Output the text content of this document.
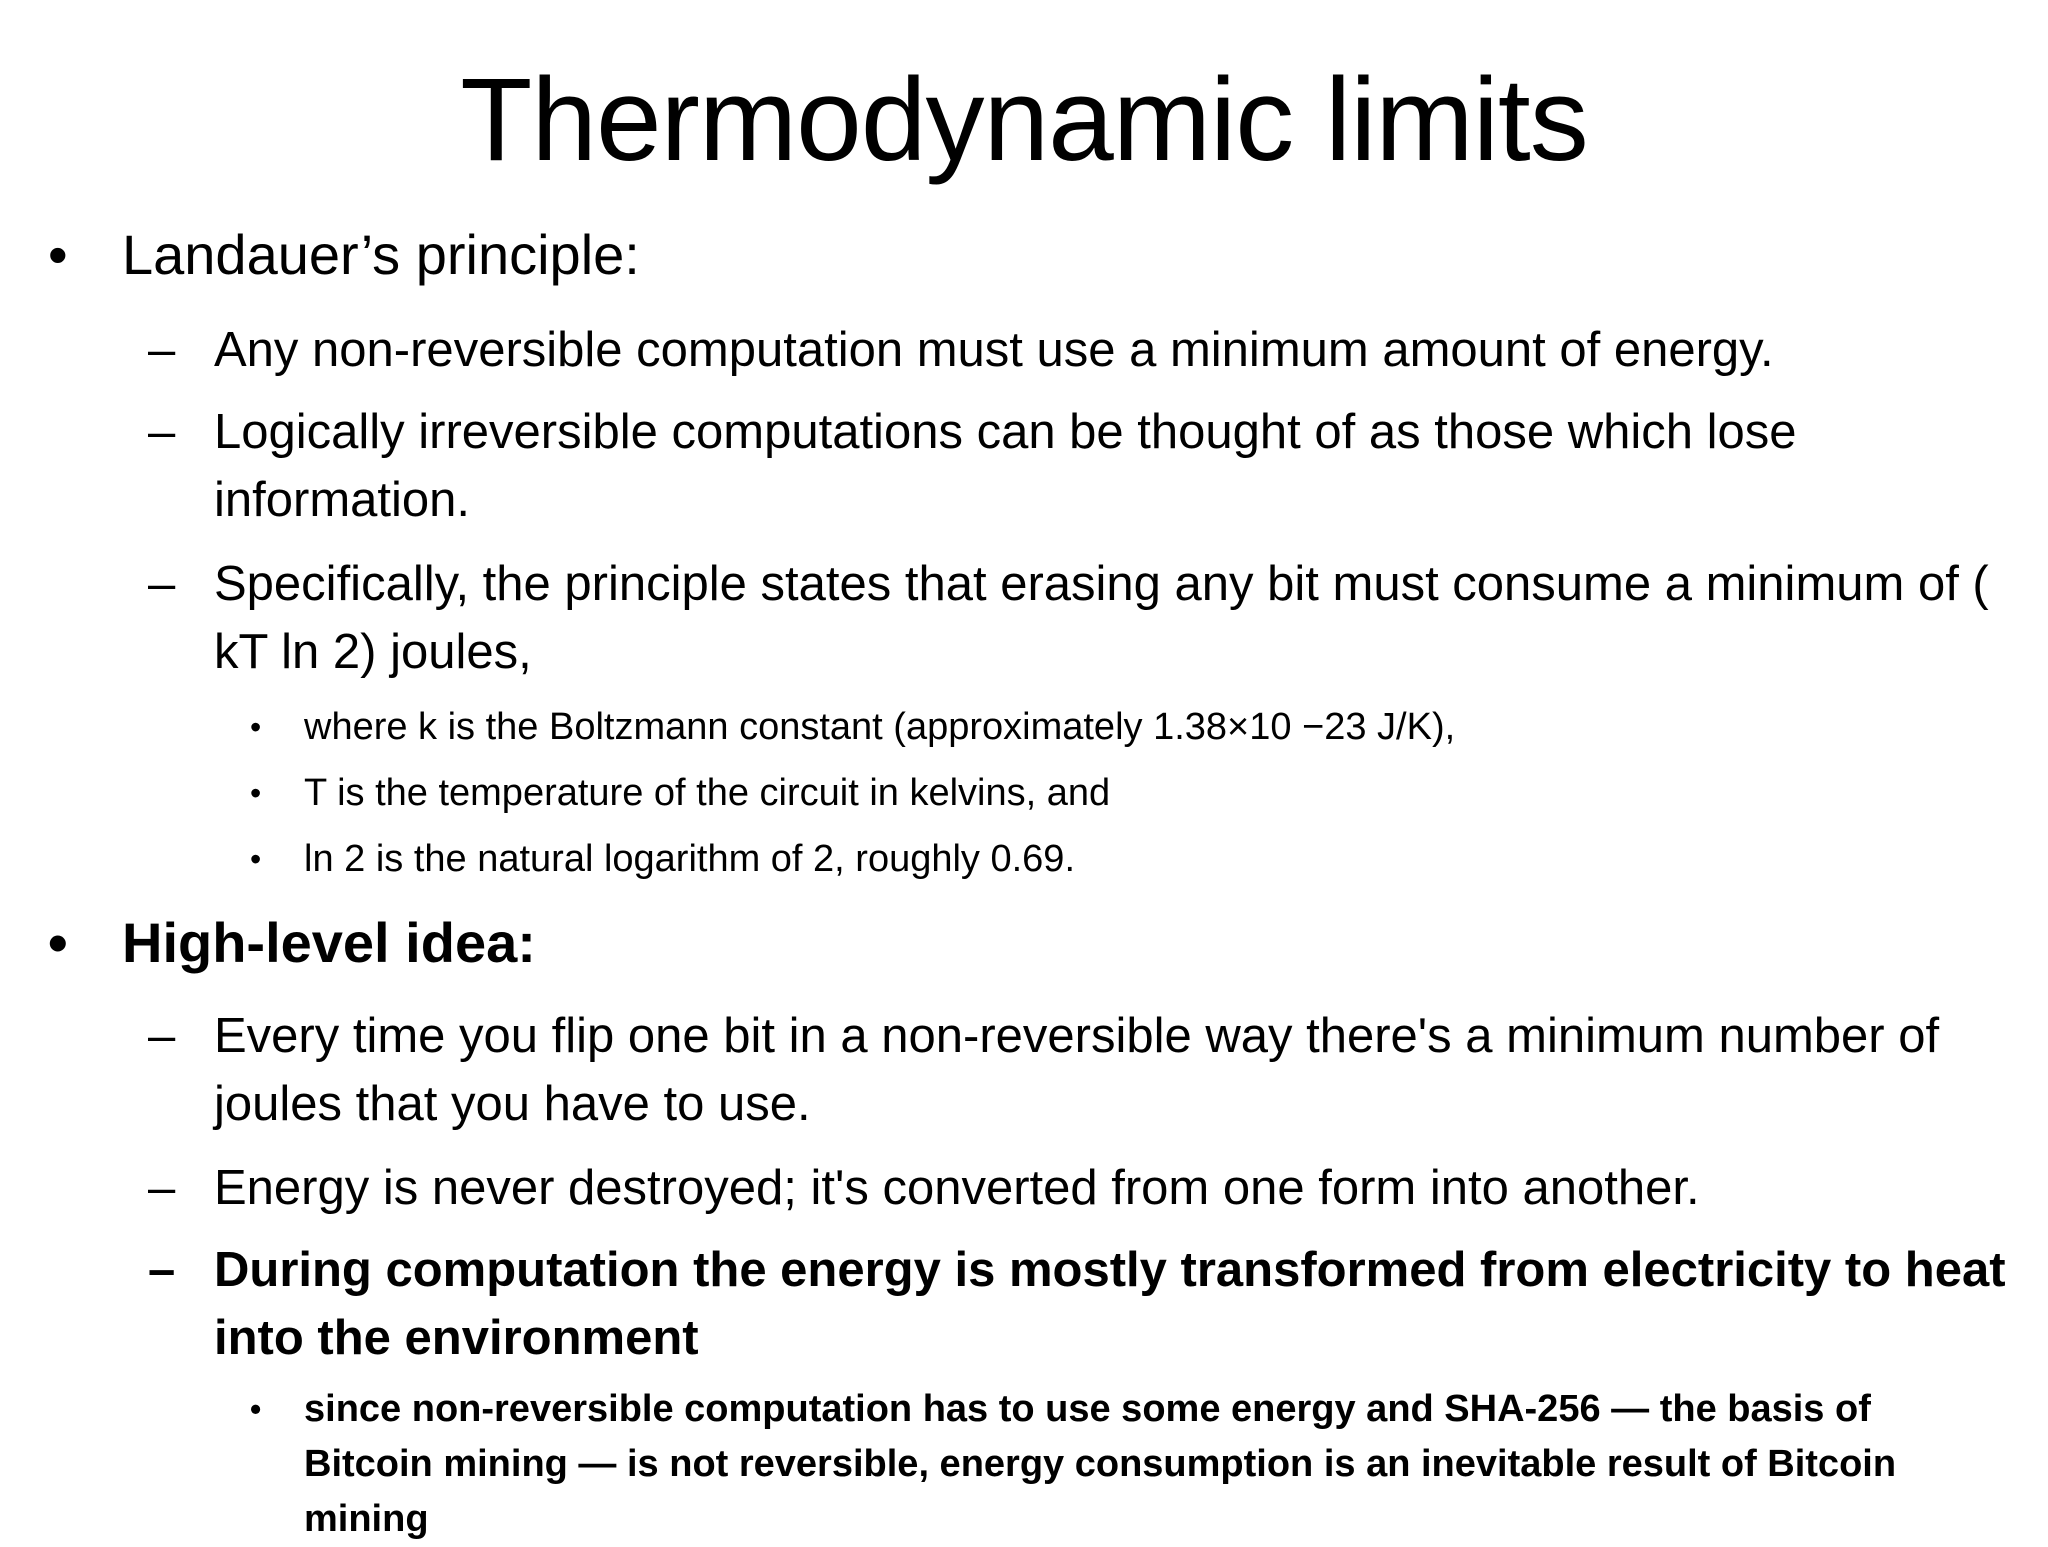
Thermodynamic limits
• Landauer’s principle:
– Any non-reversible computation must use a minimum amount of energy.
– Logically irreversible computations can be thought of as those which lose information.
– Specifically, the principle states that erasing any bit must consume a minimum of ( kT ln 2) joules,
•	where k is the Boltzmann constant (approximately 1.38×10 −23 J/K),
•	T is the temperature of the circuit in kelvins, and
•	ln 2 is the natural logarithm of 2, roughly 0.69.
• High-level idea:
– Every time you flip one bit in a non-reversible way there's a minimum number of joules that you have to use.
– Energy is never destroyed; it's converted from one form into another.
– During computation the energy is mostly transformed from electricity to heat into the environment
•	since non-reversible computation has to use some energy and SHA-256 — the basis of Bitcoin mining — is not reversible, energy consumption is an inevitable result of Bitcoin mining
